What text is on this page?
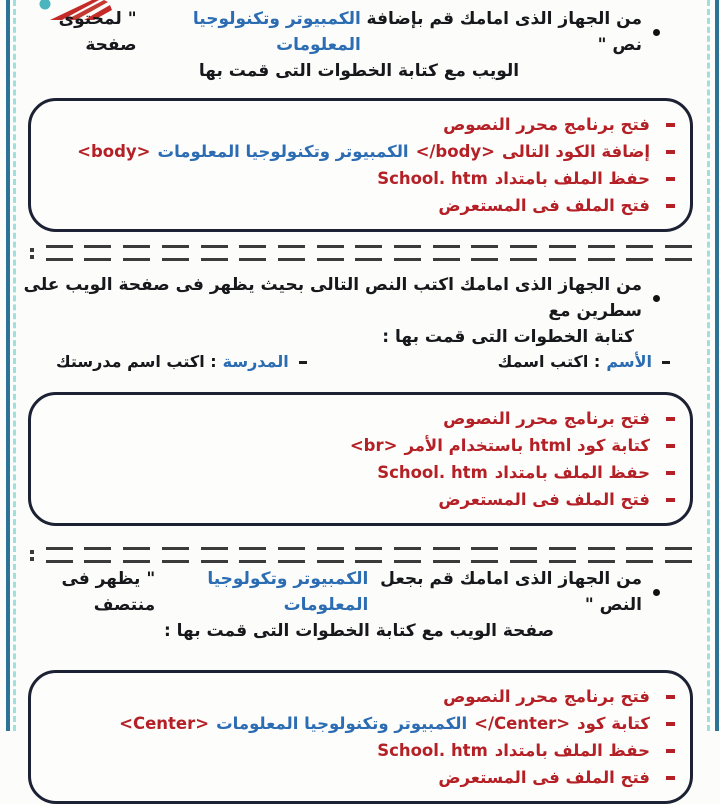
من الجهاز الذى امامك قم بإضافة نص "
الكمبيوتر وتكنولوجيا المعلومات
" لمحتوى صفحة
الويب مع كتابة الخطوات التى قمت بها
فتح برنامج محرر النصوص
إضافة الكود التالى
</body>
الكمبيوتر وتكنولوجيا المعلومات
<body>
حفظ الملف بامتداد
School. htm
فتح الملف فى المستعرض
من الجهاز الذى امامك اكتب النص التالى بحيث يظهر فى صفحة الويب على سطرين مع
كتابة الخطوات التى قمت بها :
الأسم
: اكتب اسمك
المدرسة
: اكتب اسم مدرستك
فتح برنامج محرر النصوص
كتابة كود html باستخدام الأمر
<br>
حفظ الملف بامتداد
School. htm
فتح الملف فى المستعرض
من الجهاز الذى امامك قم بجعل النص "
الكمبيوتر وتكولوجيا المعلومات
" يظهر فى منتصف
صفحة الويب مع كتابة الخطوات التى قمت بها :
فتح برنامج محرر النصوص
كتابة كود
</Center>
الكمبيوتر وتكنولوجيا المعلومات
<Center>
حفظ الملف بامتداد
School. htm
فتح الملف فى المستعرض
